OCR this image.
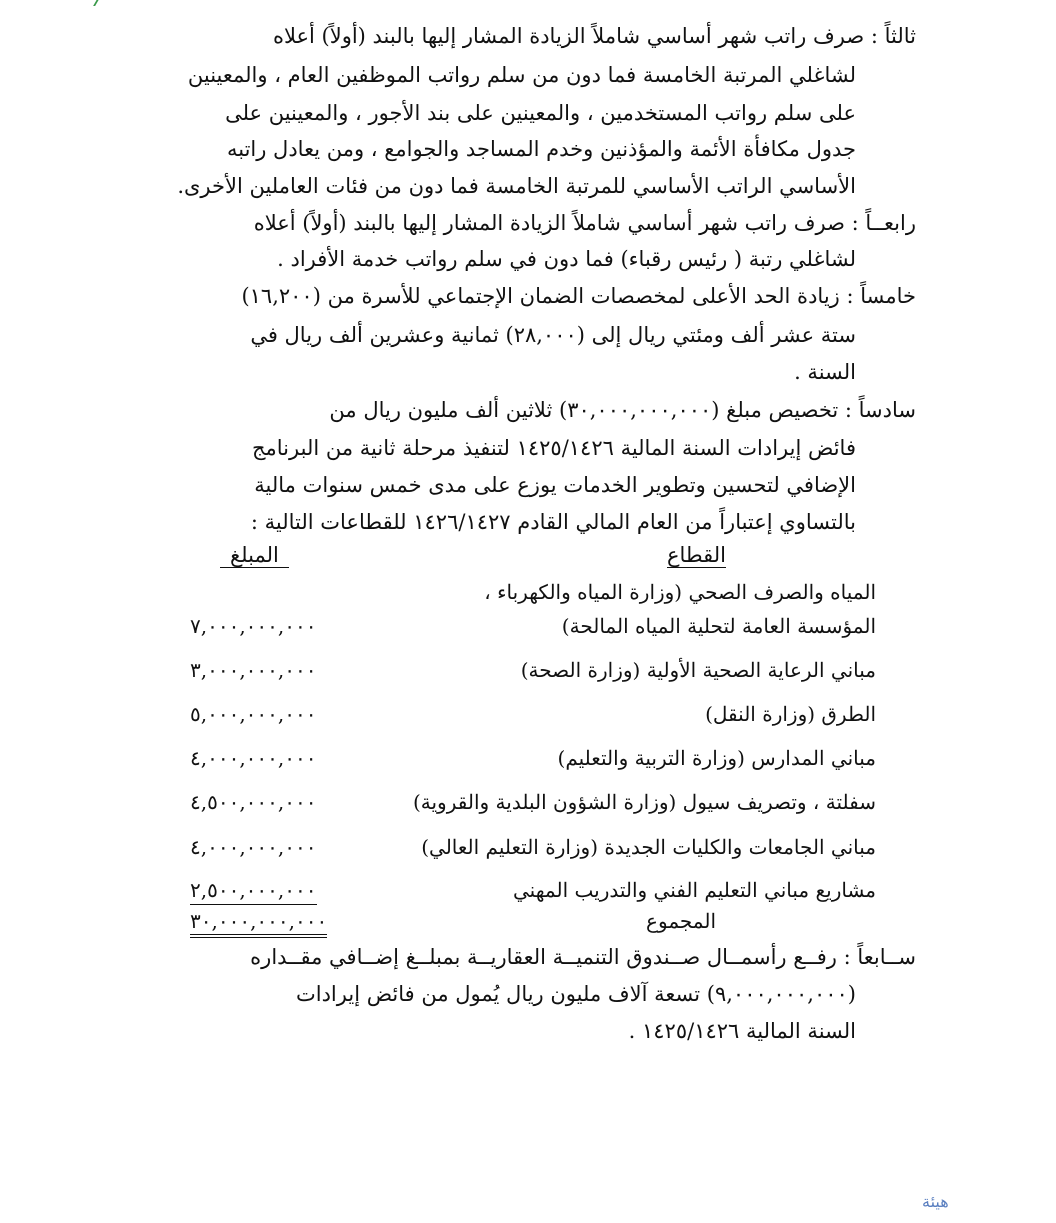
ثالثاً : صرف راتب شهر أساسي شاملاً الزيادة المشار إليها بالبند (أولاً) أعلاه
لشاغلي المرتبة الخامسة فما دون من سلم رواتب الموظفين العام ، والمعينين
على سلم رواتب المستخدمين ، والمعينين على بند الأجور ، والمعينين على
جدول مكافأة الأئمة والمؤذنين وخدم المساجد والجوامع ، ومن يعادل راتبه
الأساسي الراتب الأساسي للمرتبة الخامسة فما دون من فئات العاملين الأخرى.
رابعــاً : صرف راتب شهر أساسي شاملاً الزيادة المشار إليها بالبند (أولاً) أعلاه
لشاغلي رتبة ( رئيس رقباء) فما دون في سلم رواتب خدمة الأفراد .
خامساً : زيادة الحد الأعلى لمخصصات الضمان الإجتماعي للأسرة من (١٦,٢٠٠)
ستة عشر ألف ومئتي ريال إلى (٢٨,٠٠٠) ثمانية وعشرين ألف ريال في
السنة .
سادساً : تخصيص مبلغ (٣٠,٠٠٠,٠٠٠,٠٠٠) ثلاثين ألف مليون ريال من
فائض إيرادات السنة المالية ١٤٢٥/١٤٢٦ لتنفيذ مرحلة ثانية من البرنامج
الإضافي لتحسين وتطوير الخدمات يوزع على مدى خمس سنوات مالية
بالتساوي إعتباراً من العام المالي القادم ١٤٢٦/١٤٢٧ للقطاعات التالية :
القطاع
المبلغ
المياه والصرف الصحي (وزارة المياه والكهرباء ،
المؤسسة العامة لتحلية المياه المالحة)
٧,٠٠٠,٠٠٠,٠٠٠
مباني الرعاية الصحية الأولية (وزارة الصحة)
٣,٠٠٠,٠٠٠,٠٠٠
الطرق (وزارة النقل)
٥,٠٠٠,٠٠٠,٠٠٠
مباني المدارس (وزارة التربية والتعليم)
٤,٠٠٠,٠٠٠,٠٠٠
سفلتة ، وتصريف سيول (وزارة الشؤون البلدية والقروية)
٤,٥٠٠,٠٠٠,٠٠٠
مباني الجامعات والكليات الجديدة (وزارة التعليم العالي)
٤,٠٠٠,٠٠٠,٠٠٠
مشاريع مباني التعليم الفني والتدريب المهني
٢,٥٠٠,٠٠٠,٠٠٠
المجموع
٣٠,٠٠٠,٠٠٠,٠٠٠
ســابعاً : رفــع رأسمــال صــندوق التنميــة العقاريــة بمبلــغ إضــافي مقــداره
(٩,٠٠٠,٠٠٠,٠٠٠) تسعة آلاف مليون ريال يُمول من فائض إيرادات
السنة المالية ١٤٢٥/١٤٢٦ .
هيئة
